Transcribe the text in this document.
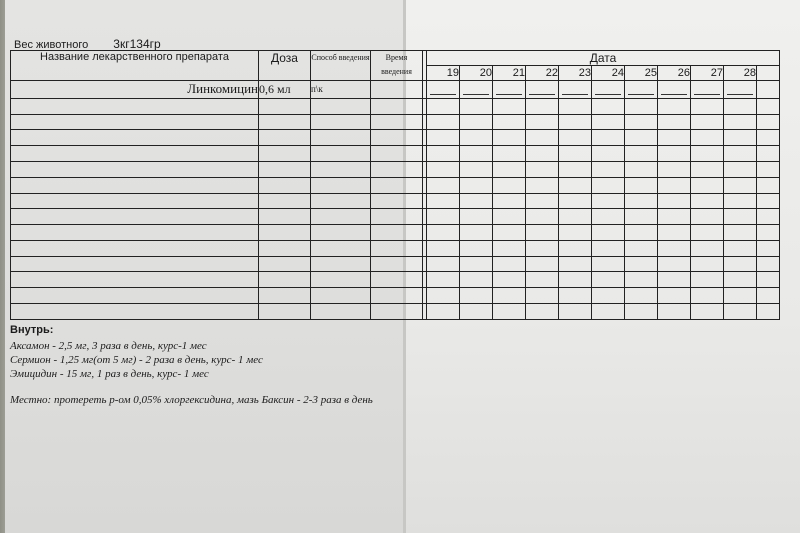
Вес животного 3кг134гр
Название лекарственного препарата	Доза	Способ введения	Время введения		Дата										
					19	20	21	22	23	24	25	26	27	28	
Линкомицин	0,6 мл	п\к													

Внутрь:
Аксамон - 2,5 мг, 3 раза в день, курс-1 мес
Сермион - 1,25 мг(от 5 мг) - 2 раза в день, курс- 1 мес
Эмицидин - 15 мг, 1 раз в день, курс- 1 мес
Местно: протереть р-ом 0,05% хлоргексидина, мазь Баксин - 2-3 раза в день
